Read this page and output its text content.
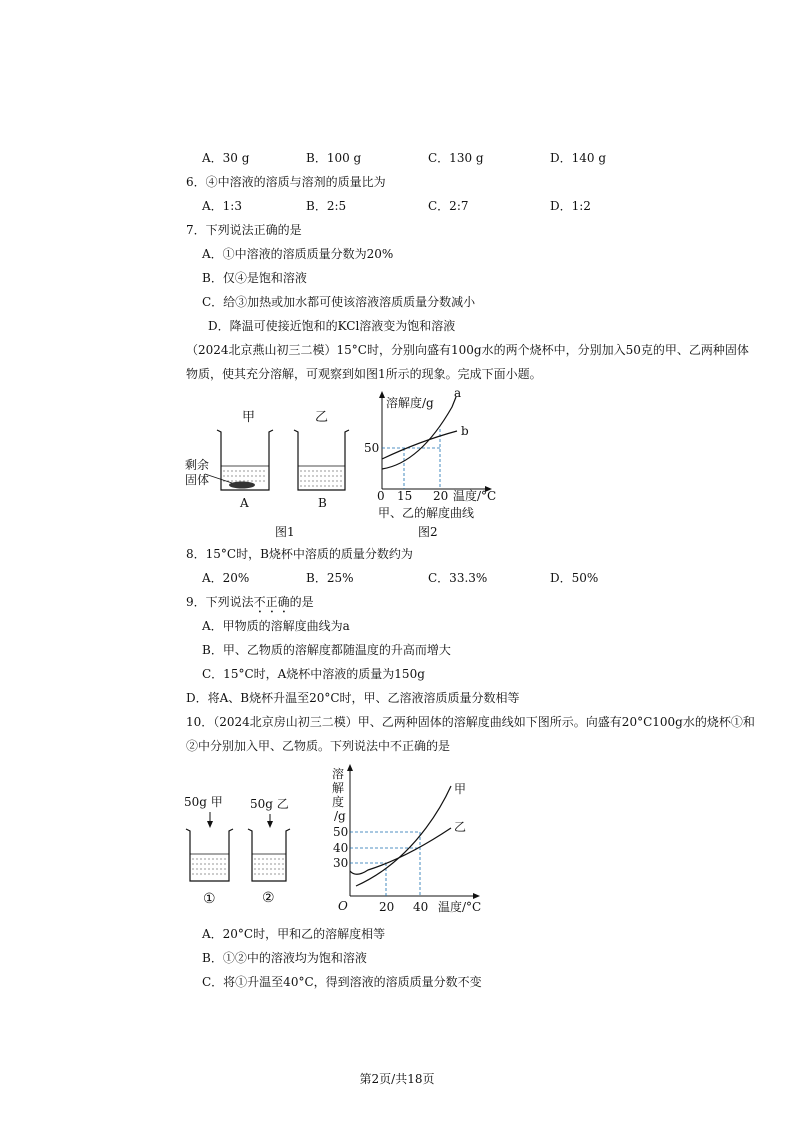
A．30 g	B．100 g	C．130 g	D．140 g
6．④中溶液的溶质与溶剂的质量比为
A．1:3	B．2:5	C．2:7	D．1:2
7．下列说法正确的是
A．①中溶液的溶质质量分数为20%
B．仅④是饱和溶液
C．给③加热或加水都可使该溶液溶质质量分数减小
D．降温可使接近饱和的KCl溶液变为饱和溶液
（2024北京燕山初三二模）15°C时，分别向盛有100g水的两个烧杯中，分别加入50克的甲、乙两种固体
物质，使其充分溶解，可观察到如图1所示的现象。完成下面小题。
甲	乙
剩余
固体
A	B
图1
溶解度/g
50
a
b
0 15 20 温度/°C
甲、乙的解度曲线
图2
8．15°C时，B烧杯中溶质的质量分数约为
A．20%	B．25%	C．33.3%	D．50%
9．下列说法不正确的是
A．甲物质的溶解度曲线为a
B．甲、乙物质的溶解度都随温度的升高而增大
C．15°C时，A烧杯中溶液的质量为150g
D．将A、B烧杯升温至20°C时，甲、乙溶液溶质质量分数相等
10．（2024北京房山初三二模）甲、乙两种固体的溶解度曲线如下图所示。向盛有20°C100g水的烧杯①和
②中分别加入甲、乙物质。下列说法中不正确的是
50g 甲 50g 乙
①	②
溶
解
度
/g
甲
乙
50
40
30
O	20 40 温度/°C
A．20°C时，甲和乙的溶解度相等
B．①②中的溶液均为饱和溶液
C．将①升温至40°C，得到溶液的溶质质量分数不变
第2页/共18页
